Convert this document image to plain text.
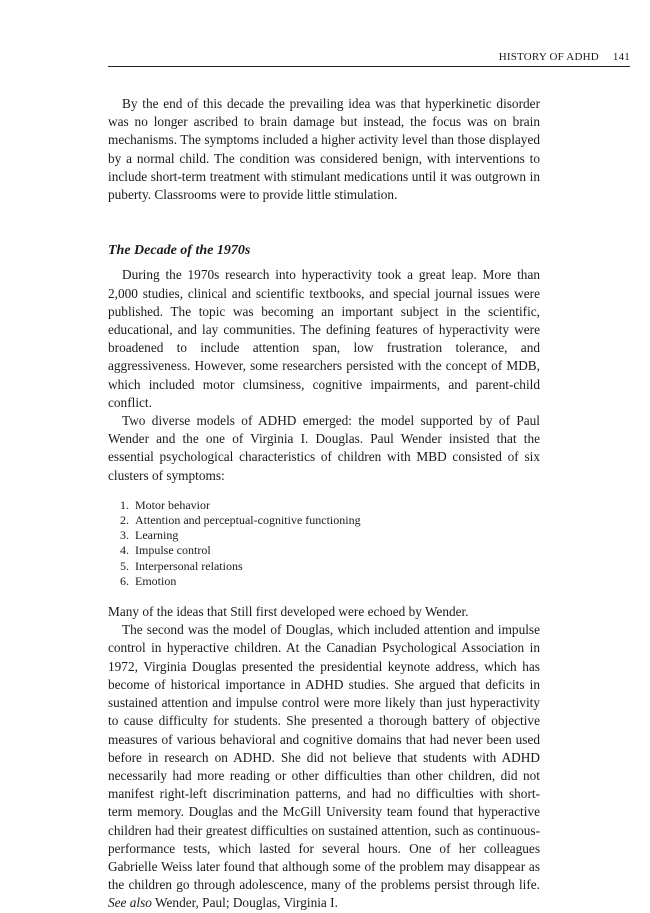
HISTORY OF ADHD 141

By the end of this decade the prevailing idea was that hyperkinetic disorder was no longer ascribed to brain damage but instead, the focus was on brain mechanisms. The symptoms included a higher activity level than those displayed by a normal child. The condition was considered benign, with interventions to include short-term treatment with stimulant medications until it was outgrown in puberty. Classrooms were to provide little stimulation.

The Decade of the 1970s

During the 1970s research into hyperactivity took a great leap. More than 2,000 studies, clinical and scientific textbooks, and special journal issues were published. The topic was becoming an important subject in the scientific, educational, and lay communities. The defining features of hyperactivity were broadened to include attention span, low frustration tolerance, and aggressiveness. However, some researchers persisted with the concept of MDB, which included motor clumsiness, cognitive impairments, and parent-child conflict.

Two diverse models of ADHD emerged: the model supported by of Paul Wender and the one of Virginia I. Douglas. Paul Wender insisted that the essential psychological characteristics of children with MBD consisted of six clusters of symptoms:

1. Motor behavior
2. Attention and perceptual-cognitive functioning
3. Learning
4. Impulse control
5. Interpersonal relations
6. Emotion

Many of the ideas that Still first developed were echoed by Wender.

The second was the model of Douglas, which included attention and impulse control in hyperactive children. At the Canadian Psychological Association in 1972, Virginia Douglas presented the presidential keynote address, which has become of historical importance in ADHD studies. She argued that deficits in sustained attention and impulse control were more likely than just hyperactivity to cause difficulty for students. She presented a thorough battery of objective measures of various behavioral and cognitive domains that had never been used before in research on ADHD. She did not believe that students with ADHD necessarily had more reading or other difficulties than other children, did not manifest right-left discrimination patterns, and had no difficulties with short-term memory. Douglas and the McGill University team found that hyperactive children had their greatest difficulties on sustained attention, such as continuous-performance tests, which lasted for several hours. One of her colleagues Gabrielle Weiss later found that although some of the problem may disappear as the children go through adolescence, many of the problems persist through life. See also Wender, Paul; Douglas, Virginia I.
